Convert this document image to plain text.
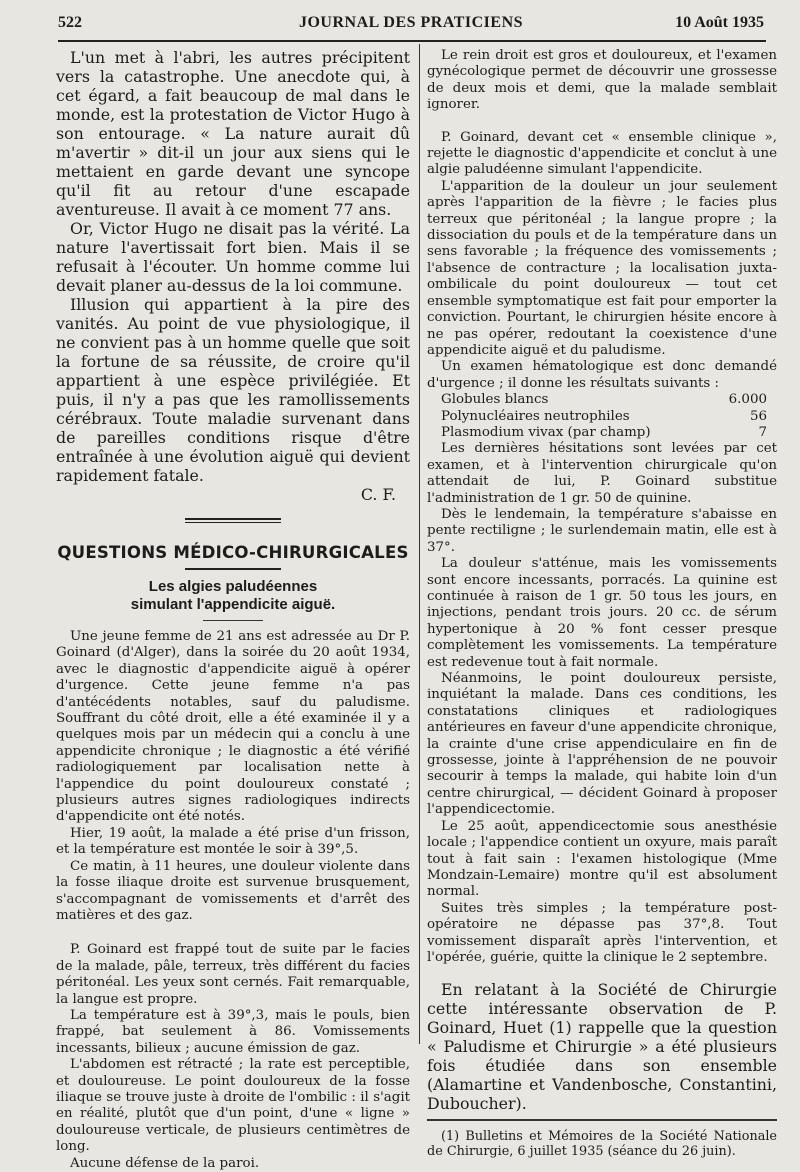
522	JOURNAL DES PRATICIENS	10 Août 1935

L'un met à l'abri, les autres précipitent vers la catastrophe. Une anecdote qui, à cet égard, a fait beaucoup de mal dans le monde, est la protestation de Victor Hugo à son entourage. « La nature aurait dû m'avertir » dit-il un jour aux siens qui le mettaient en garde devant une syncope qu'il fit au retour d'une escapade aventureuse. Il avait à ce moment 77 ans.

Or, Victor Hugo ne disait pas la vérité. La nature l'avertissait fort bien. Mais il se refusait à l'écouter. Un homme comme lui devait planer au-dessus de la loi commune.

Illusion qui appartient à la pire des vanités. Au point de vue physiologique, il ne convient pas à un homme quelle que soit la fortune de sa réussite, de croire qu'il appartient à une espèce privilégiée. Et puis, il n'y a pas que les ramollissements cérébraux. Toute maladie survenant dans de pareilles conditions risque d'être entraînée à une évolution aiguë qui devient rapidement fatale.

C. F.

QUESTIONS MÉDICO-CHIRURGICALES
Les algies paludéennes
simulant l'appendicite aiguë.

Une jeune femme de 21 ans est adressée au Dr P. Goinard (d'Alger), dans la soirée du 20 août 1934, avec le diagnostic d'appendicite aiguë à opérer d'urgence. Cette jeune femme n'a pas d'antécédents notables, sauf du paludisme. Souffrant du côté droit, elle a été examinée il y a quelques mois par un médecin qui a conclu à une appendicite chronique ; le diagnostic a été vérifié radiologiquement par localisation nette à l'appendice du point douloureux constaté ; plusieurs autres signes radiologiques indirects d'appendicite ont été notés.

Hier, 19 août, la malade a été prise d'un frisson, et la température est montée le soir à 39°,5.

Ce matin, à 11 heures, une douleur violente dans la fosse iliaque droite est survenue brusquement, s'accompagnant de vomissements et d'arrêt des matières et des gaz.

P. Goinard est frappé tout de suite par le facies de la malade, pâle, terreux, très différent du facies péritonéal. Les yeux sont cernés. Fait remarquable, la langue est propre.

La température est à 39°,3, mais le pouls, bien frappé, bat seulement à 86. Vomissements incessants, bilieux ; aucune émission de gaz.

L'abdomen est rétracté ; la rate est perceptible, et douloureuse. Le point douloureux de la fosse iliaque se trouve juste à droite de l'ombilic : il s'agit en réalité, plutôt que d'un point, d'une « ligne » douloureuse verticale, de plusieurs centimètres de long.

Aucune défense de la paroi.

Le rein droit est gros et douloureux, et l'examen gynécologique permet de découvrir une grossesse de deux mois et demi, que la malade semblait ignorer.

P. Goinard, devant cet « ensemble clinique », rejette le diagnostic d'appendicite et conclut à une algie paludéenne simulant l'appendicite.

L'apparition de la douleur un jour seulement après l'apparition de la fièvre ; le facies plus terreux que péritonéal ; la langue propre ; la dissociation du pouls et de la température dans un sens favorable ; la fréquence des vomissements ; l'absence de contracture ; la localisation juxta-ombilicale du point douloureux — tout cet ensemble symptomatique est fait pour emporter la conviction. Pourtant, le chirurgien hésite encore à ne pas opérer, redoutant la coexistence d'une appendicite aiguë et du paludisme.

Un examen hématologique est donc demandé d'urgence ; il donne les résultats suivants :

Globules blancs	6.000
Polynucléaires neutrophiles	56
Plasmodium vivax (par champ)	7

Les dernières hésitations sont levées par cet examen, et à l'intervention chirurgicale qu'on attendait de lui, P. Goinard substitue l'administration de 1 gr. 50 de quinine.

Dès le lendemain, la température s'abaisse en pente rectiligne ; le surlendemain matin, elle est à 37°.

La douleur s'atténue, mais les vomissements sont encore incessants, porracés. La quinine est continuée à raison de 1 gr. 50 tous les jours, en injections, pendant trois jours. 20 cc. de sérum hypertonique à 20 % font cesser presque complètement les vomissements. La température est redevenue tout à fait normale.

Néanmoins, le point douloureux persiste, inquiétant la malade. Dans ces conditions, les constatations cliniques et radiologiques antérieures en faveur d'une appendicite chronique, la crainte d'une crise appendiculaire en fin de grossesse, jointe à l'appréhension de ne pouvoir secourir à temps la malade, qui habite loin d'un centre chirurgical, — décident Goinard à proposer l'appendicectomie.

Le 25 août, appendicectomie sous anesthésie locale ; l'appendice contient un oxyure, mais paraît tout à fait sain : l'examen histologique (Mme Mondzain-Lemaire) montre qu'il est absolument normal.

Suites très simples ; la température post-opératoire ne dépasse pas 37°,8. Tout vomissement disparaît après l'intervention, et l'opérée, guérie, quitte la clinique le 2 septembre.

En relatant à la Société de Chirurgie cette intéressante observation de P. Goinard, Huet (1) rappelle que la question « Paludisme et Chirurgie » a été plusieurs fois étudiée dans son ensemble (Alamartine et Vandenbosche, Constantini, Duboucher).

(1) Bulletins et Mémoires de la Société Nationale de Chirurgie, 6 juillet 1935 (séance du 26 juin).
